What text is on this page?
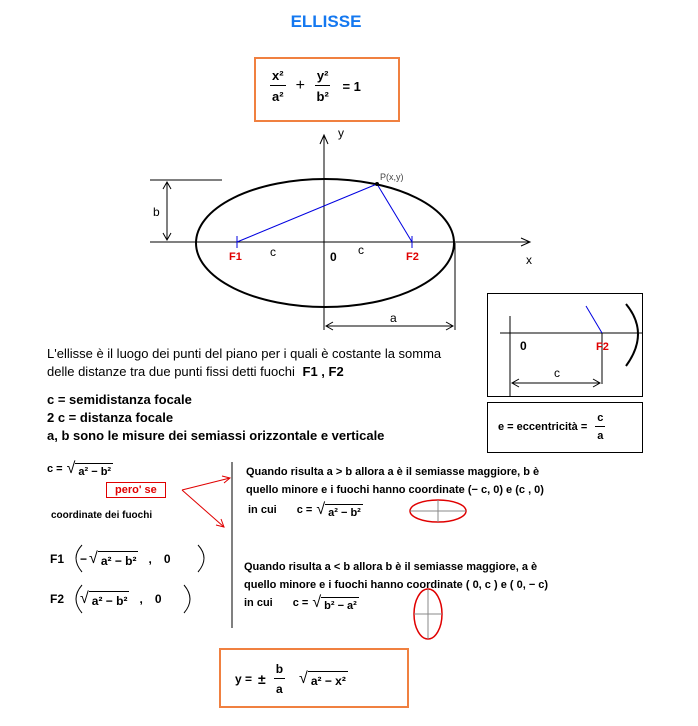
ELLISSE
$\frac{\text{x²}}{\text{a²}} + \frac{\text{y²}}{\text{b²}} = 1$
y
x
0
P(x,y)
F1	F2
c	c
b
a
0	F2
c
e = eccentricità = $\frac{c}{a}$
L'ellisse è il luogo dei punti del piano per i quali è costante la somma delle distanze tra due punti fissi detti fuochi F1 , F2
c = semidistanza focale
2 c = distanza focale
a, b sono le misure dei semiassi orizzontale e verticale
c = √ a² − b²
pero' se
coordinate dei fuochi
F1 − √ a² − b² , 0
F2 √ a² − b² , 0
Quando risulta a > b allora a è il semiasse maggiore, b è
quello minore e i fuochi hanno coordinate (− c, 0) e (c , 0)
in cui c = √ a² − b²
Quando risulta a < b allora b è il semiasse maggiore, a è
quello minore e i fuochi hanno coordinate ( 0, c ) e ( 0, − c)
in cui c = √ b² − a²
y = ± $\frac{b}{a}$ √ a² − x²
